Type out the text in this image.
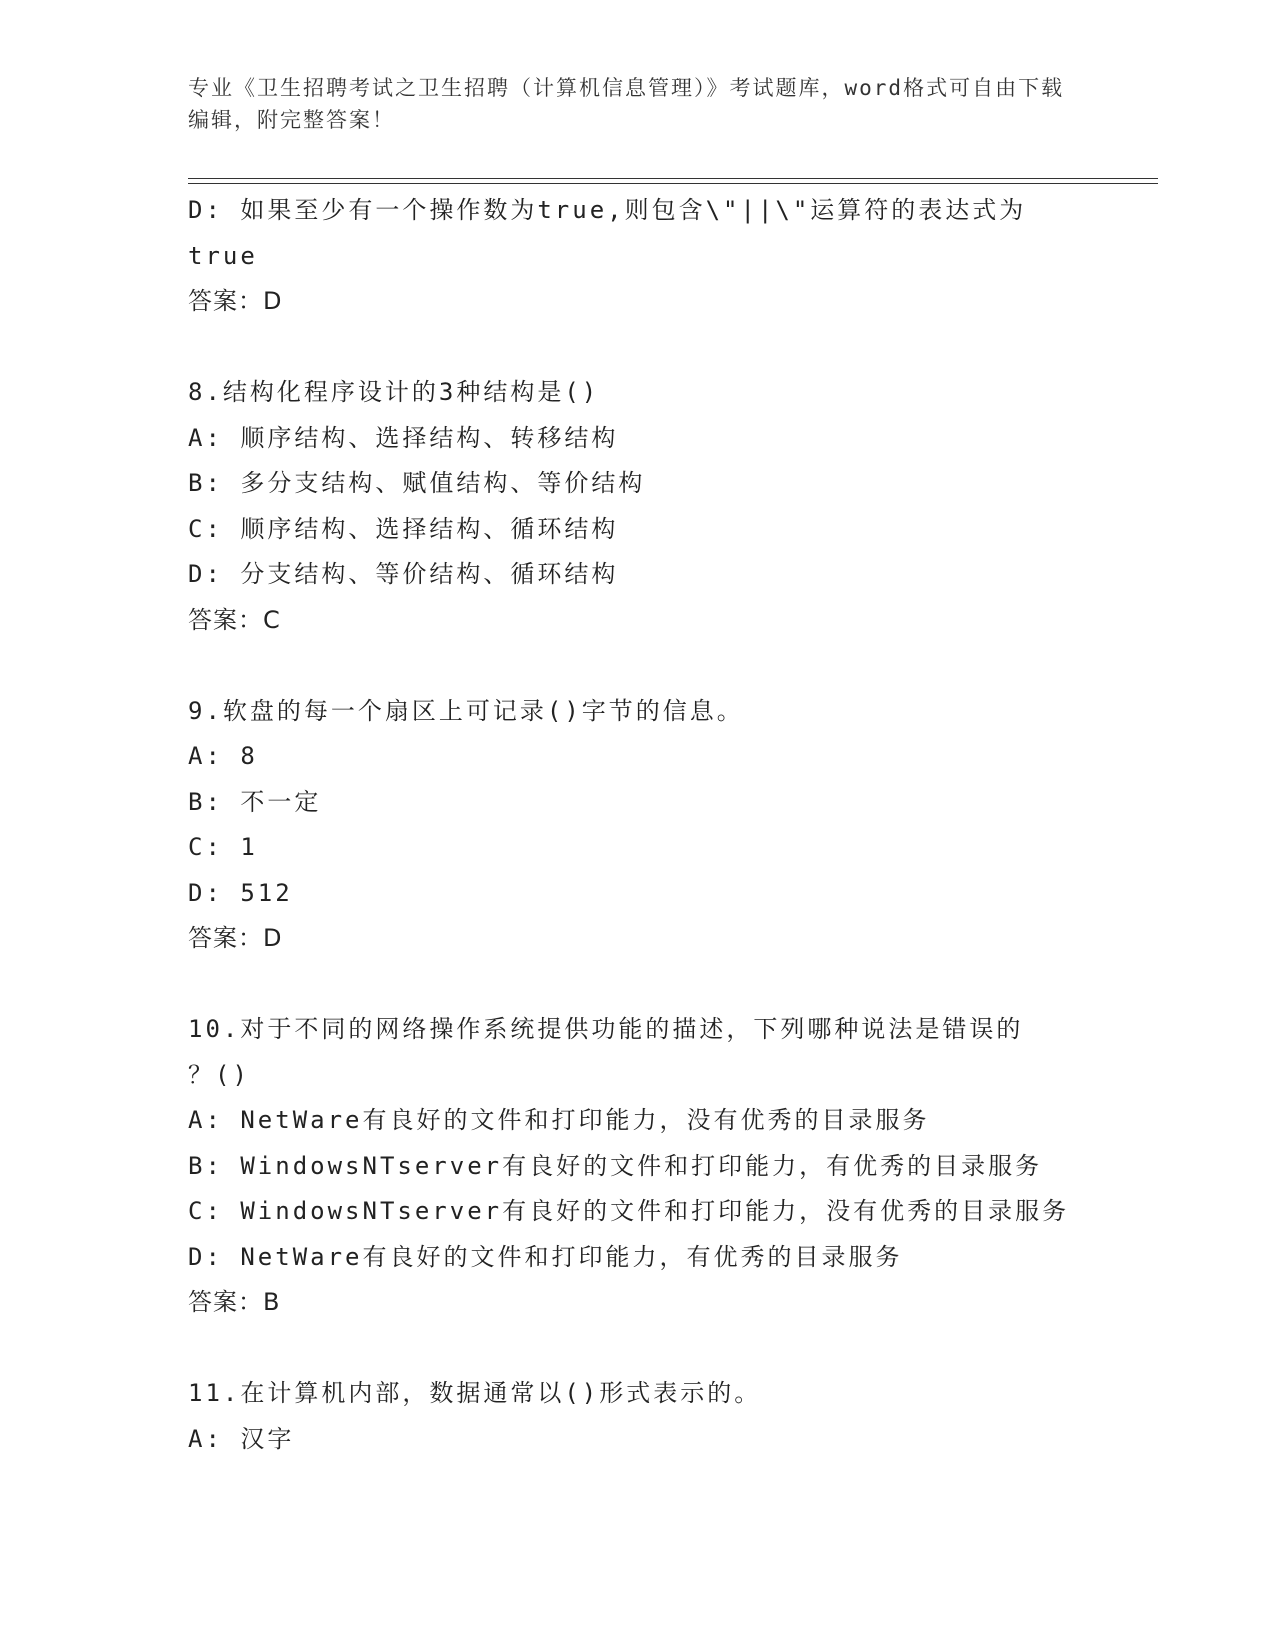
专业《卫生招聘考试之卫生招聘（计算机信息管理）》考试题库，word格式可自由下载编辑，附完整答案！
D: 如果至少有一个操作数为true,则包含\"||\"运算符的表达式为
true
答案：D
8.结构化程序设计的3种结构是()
A: 顺序结构、选择结构、转移结构
B: 多分支结构、赋值结构、等价结构
C: 顺序结构、选择结构、循环结构
D: 分支结构、等价结构、循环结构
答案：C
9.软盘的每一个扇区上可记录()字节的信息。
A: 8
B: 不一定
C: 1
D: 512
答案：D
10.对于不同的网络操作系统提供功能的描述，下列哪种说法是错误的
？()
A: NetWare有良好的文件和打印能力，没有优秀的目录服务
B: WindowsNTserver有良好的文件和打印能力，有优秀的目录服务
C: WindowsNTserver有良好的文件和打印能力，没有优秀的目录服务
D: NetWare有良好的文件和打印能力，有优秀的目录服务
答案：B
11.在计算机内部，数据通常以()形式表示的。
A: 汉字
